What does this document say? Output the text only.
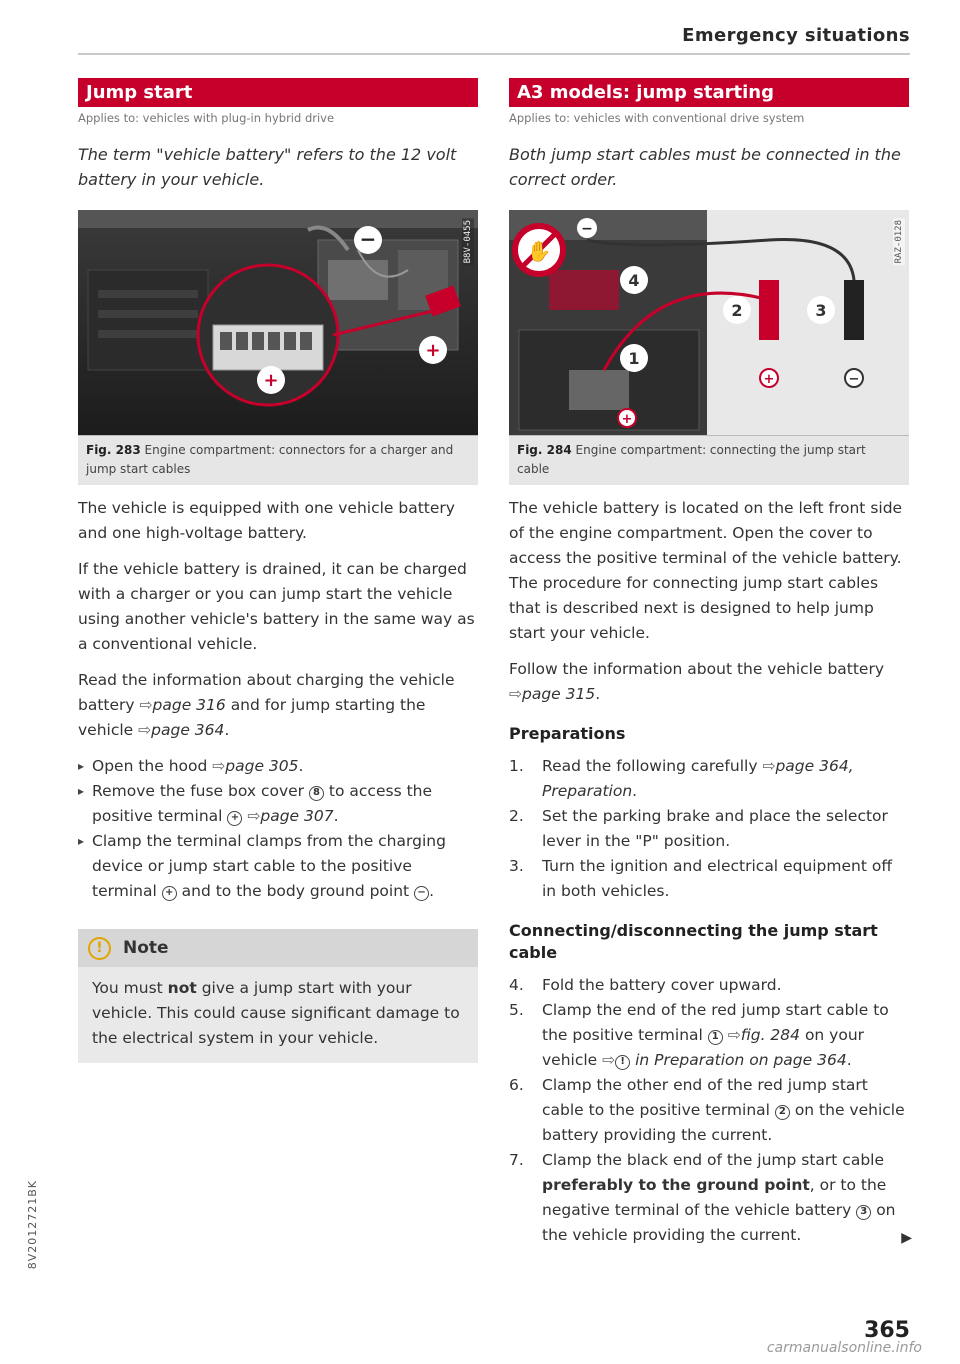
Emergency situations
Jump start
Applies to: vehicles with plug-in hybrid drive
The term "vehicle battery" refers to the 12 volt battery in your vehicle.
−
+
+
B8V-0455
Fig. 283 Engine compartment: connectors for a charger and jump start cables

The vehicle is equipped with one vehicle battery and one high-voltage battery.

If the vehicle battery is drained, it can be charged with a charger or you can jump start the vehicle using another vehicle's battery in the same way as a conventional vehicle.

Read the information about charging the vehicle battery ⇨page 316 and for jump starting the vehicle ⇨page 364.

▸ Open the hood ⇨page 305.
▸ Remove the fuse box cover 8 to access the positive terminal + ⇨page 307.
▸ Clamp the terminal clamps from the charging device or jump start cable to the positive terminal + and to the body ground point − .
!	Note
You must not give a jump start with your vehicle. This could cause significant damage to the electrical system in your vehicle.
A3 models: jump starting
Applies to: vehicles with conventional drive system
Both jump start cables must be connected in the correct order.
✋
−
4
1
2	3
+	−
+
RAZ-0128
Fig. 284 Engine compartment: connecting the jump start cable

The vehicle battery is located on the left front side of the engine compartment. Open the cover to access the positive terminal of the vehicle battery. The procedure for connecting jump start cables that is described next is designed to help jump start your vehicle.

Follow the information about the vehicle battery ⇨page 315.

Preparations
1. Read the following carefully ⇨page 364, Preparation.
2. Set the parking brake and place the selector lever in the "P" position.
3. Turn the ignition and electrical equipment off in both vehicles.
Connecting/disconnecting the jump start cable
4. Fold the battery cover upward.
5. Clamp the end of the red jump start cable to the positive terminal 1 ⇨fig. 284 on your vehicle ⇨ ! in Preparation on page 364.
6. Clamp the other end of the red jump start cable to the positive terminal 2 on the vehicle battery providing the current.
7. Clamp the black end of the jump start cable preferably to the ground point, or to the negative terminal of the vehicle battery 3 on the vehicle providing the current.	▶
365
8V2012721BK
carmanualsonline.info
